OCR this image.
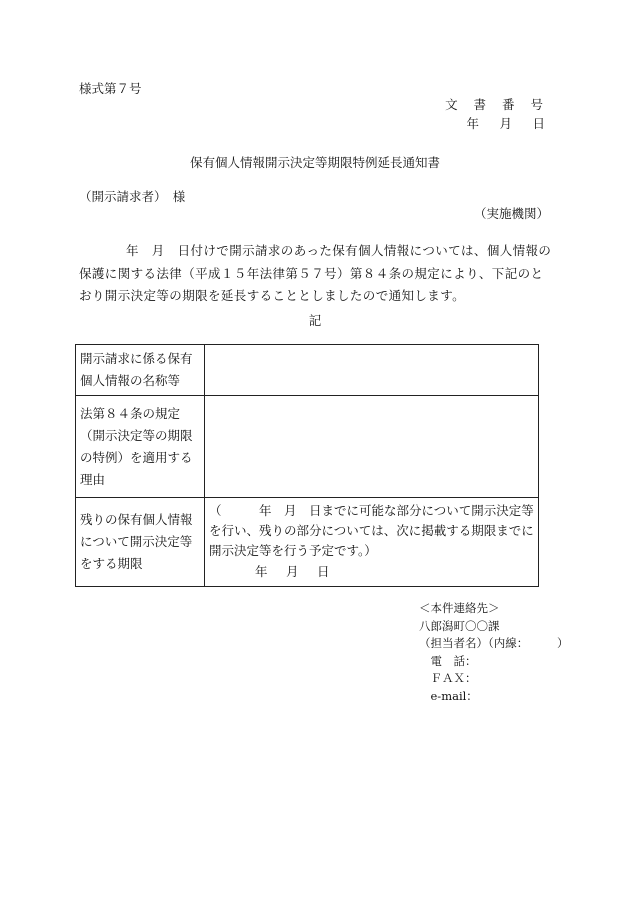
様式第７号
文 書 番 号
年　月　日
保有個人情報開示決定等期限特例延長通知書
（開示請求者）　様
（実施機関）
年　月　日付けで開示請求のあった保有個人情報については、個人情報の保護に関する法律（平成１５年法律第５７号）第８４条の規定により、下記のとおり開示決定等の期限を延長することとしましたので通知します。
記
開示請求に係る保有個人情報の名称等	
法第８４条の規定（開示決定等の期限の特例）を適用する理由	
残りの保有個人情報について開示決定等をする期限	（　　　年　月　日までに可能な部分について開示決定等を行い、残りの部分については、次に掲載する期限までに開示決定等を行う予定です。）
年　月　日
＜本件連絡先＞
八郎潟町〇〇課
（担当者名）（内線：　　　）
　電　話：
　ＦＡＸ：
　e-mail：
